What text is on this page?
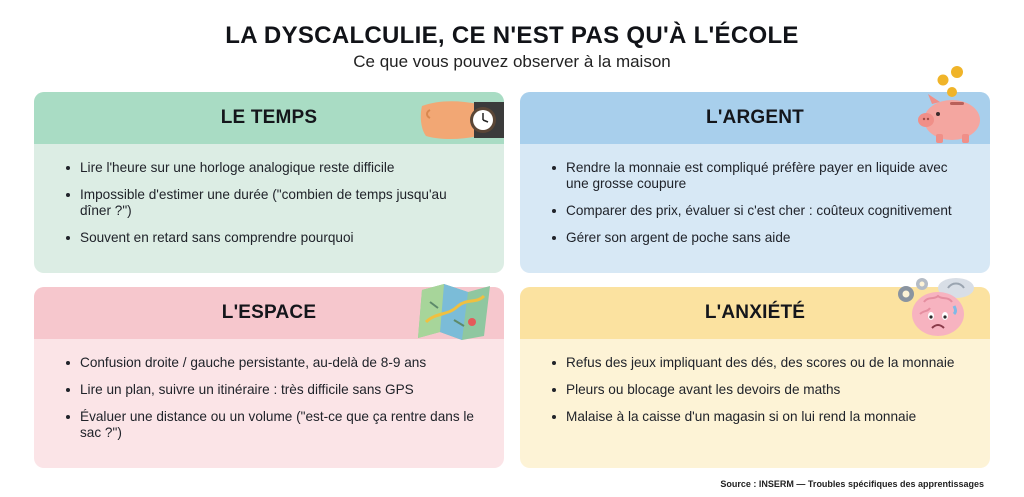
LA DYSCALCULIE, CE N'EST PAS QU'À L'ÉCOLE
Ce que vous pouvez observer à la maison
LE TEMPS
Lire l'heure sur une horloge analogique reste difficile
Impossible d'estimer une durée ("combien de temps jusqu'au dîner ?")
Souvent en retard sans comprendre pourquoi
L'ARGENT
Rendre la monnaie est compliqué préfère payer en liquide avec une grosse coupure
Comparer des prix, évaluer si c'est cher : coûteux cognitivement
Gérer son argent de poche sans aide
L'ESPACE
Confusion droite / gauche persistante, au-delà de 8-9 ans
Lire un plan, suivre un itinéraire : très difficile sans GPS
Évaluer une distance ou un volume ("est-ce que ça rentre dans le sac ?")
L'ANXIÉTÉ
Refus des jeux impliquant des dés, des scores ou de la monnaie
Pleurs ou blocage avant les devoirs de maths
Malaise à la caisse d'un magasin si on lui rend la monnaie
Source : INSERM — Troubles spécifiques des apprentissages
